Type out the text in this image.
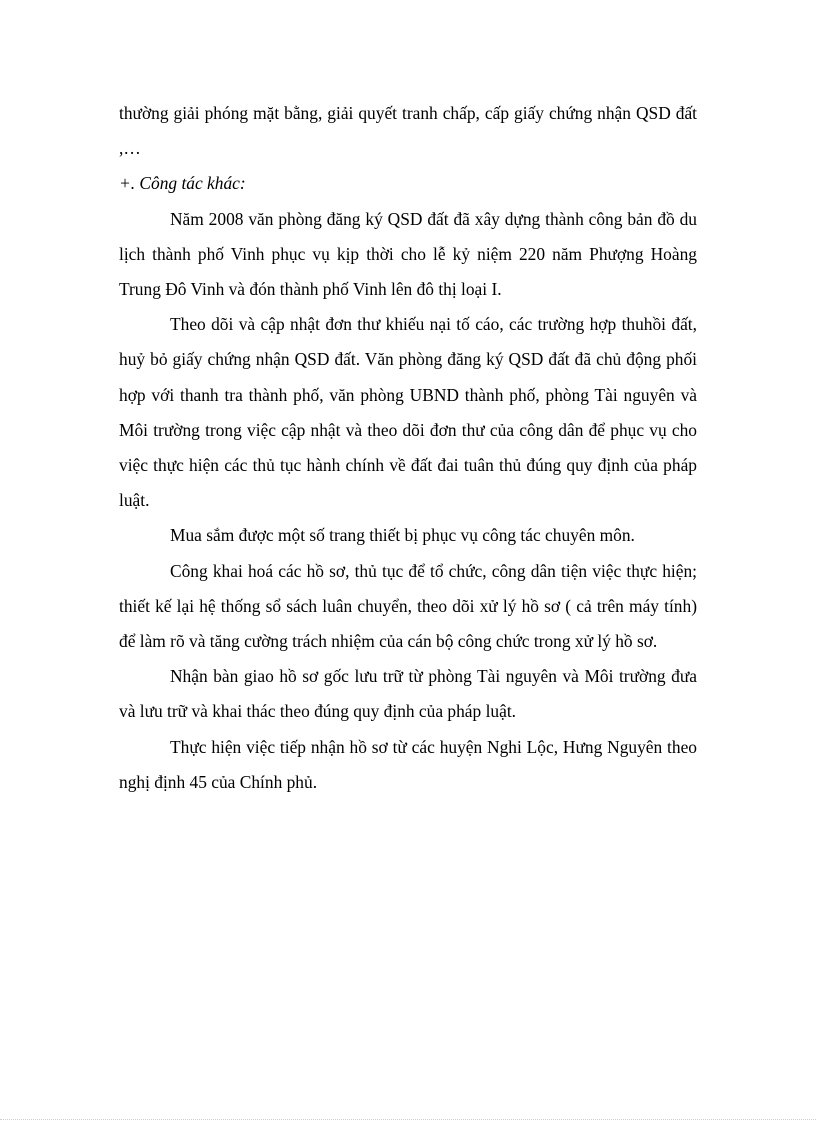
thường giải phóng mặt bằng, giải quyết tranh chấp, cấp giấy chứng nhận QSD đất ,…

+. Công tác khác:

Năm 2008 văn phòng đăng ký QSD đất đã xây dựng thành công bản đồ du lịch thành phố Vinh phục vụ kịp thời cho lễ kỷ niệm 220 năm Phượng Hoàng Trung Đô Vinh và đón thành phố Vinh lên đô thị loại I.

Theo dõi và cập nhật đơn thư khiếu nại tố cáo, các trường hợp thuhồi đất, huỷ bỏ giấy chứng nhận QSD đất. Văn phòng đăng ký QSD đất đã chủ động phối hợp với thanh tra thành phố, văn phòng UBND thành phố, phòng Tài nguyên và Môi trường trong việc cập nhật và theo dõi đơn thư của công dân để phục vụ cho việc thực hiện các thủ tục hành chính về đất đai tuân thủ đúng quy định của pháp luật.

Mua sắm được một số trang thiết bị phục vụ công tác chuyên môn.

Công khai hoá các hồ sơ, thủ tục để tổ chức, công dân tiện việc thực hiện; thiết kế lại hệ thống sổ sách luân chuyển, theo dõi xử lý hồ sơ ( cả trên máy tính) để làm rõ và tăng cường trách nhiệm của cán bộ công chức trong xử lý hồ sơ.

Nhận bàn giao hồ sơ gốc lưu trữ từ phòng Tài nguyên và Môi trường đưa và lưu trữ và khai thác theo đúng quy định của pháp luật.

Thực hiện việc tiếp nhận hồ sơ từ các huyện Nghi Lộc, Hưng Nguyên theo nghị định 45 của Chính phủ.
